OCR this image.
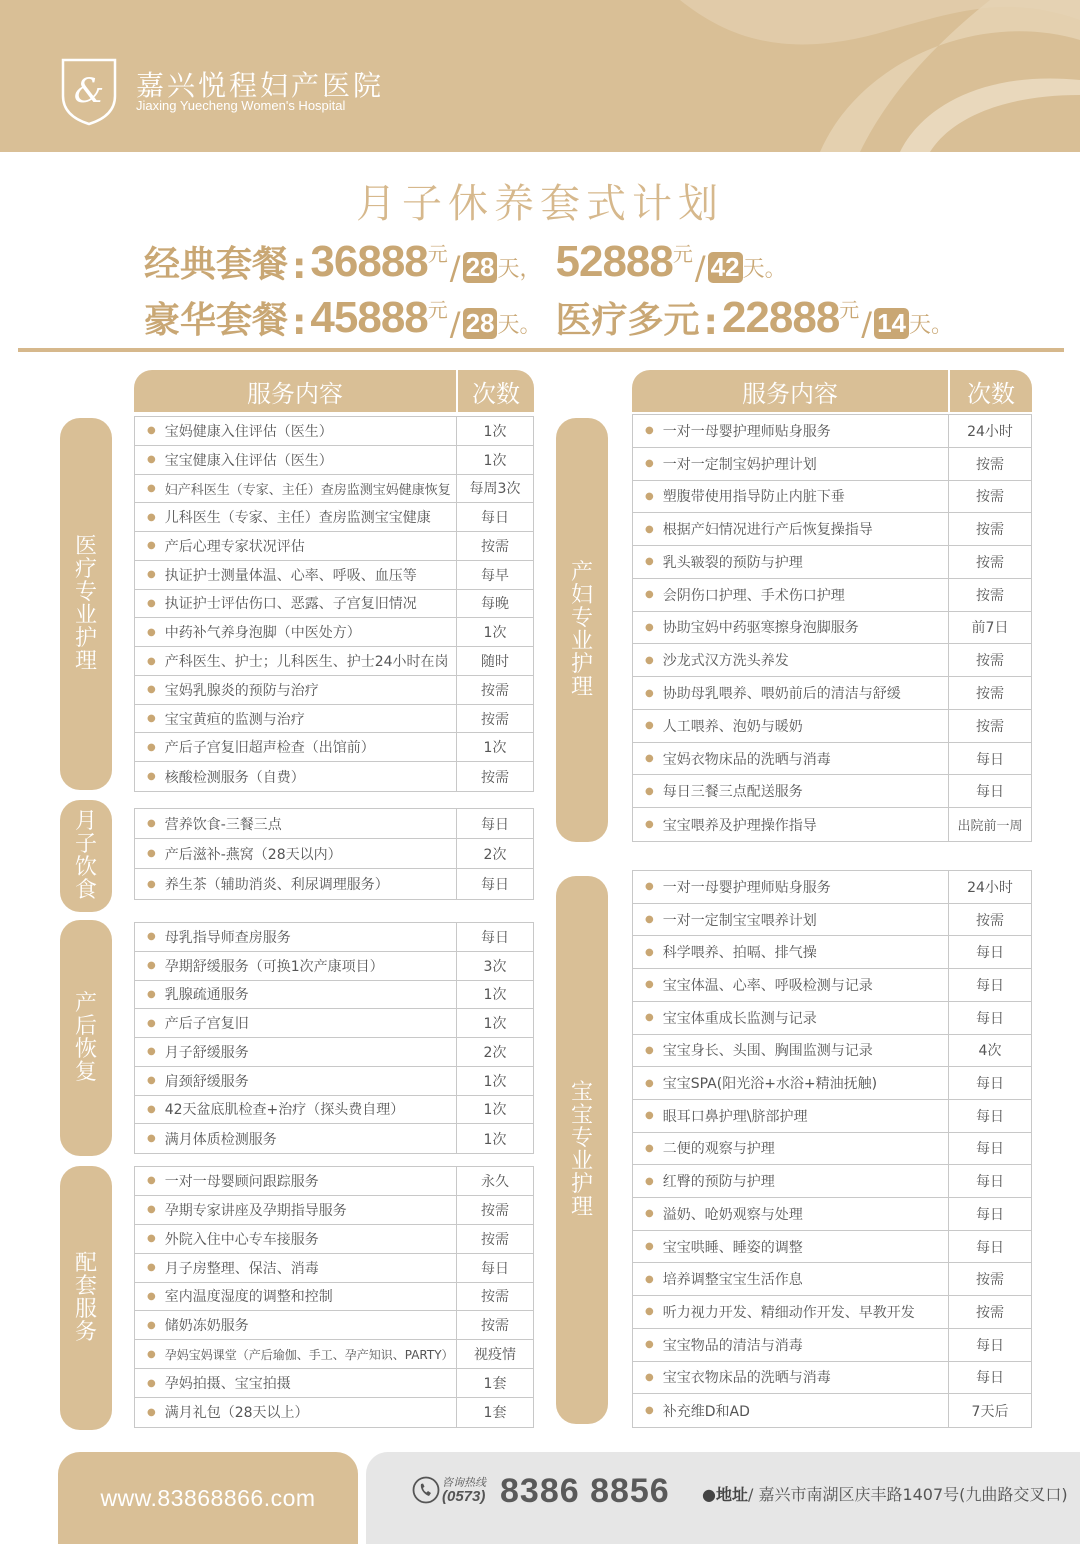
& 嘉兴悦程妇产医院
Jiaxing Yuecheng Women's Hospital
月子休养套式计划
经典套餐 : 36888 元 / 28 天 ， 52888 元 / 42 天 。
豪华套餐 : 45888 元 / 28 天 。 医疗多元 : 22888 元 / 14 天 。
服务内容	次数	服务内容	次数
医疗专业护理
月子饮食
产后恢复
配套服务
产妇专业护理
宝宝专业护理
● 宝妈健康入住评估（医生）	1次
● 宝宝健康入住评估（医生）	1次
● 妇产科医生（专家、主任）查房监测宝妈健康恢复	每周3次
● 儿科医生（专家、主任）查房监测宝宝健康	每日
● 产后心理专家状况评估	按需
● 执证护士测量体温、心率、呼吸、血压等	每早
● 执证护士评估伤口、恶露、子宫复旧情况	每晚
● 中药补气养身泡脚（中医处方）	1次
● 产科医生、护士；儿科医生、护士24小时在岗	随时
● 宝妈乳腺炎的预防与治疗	按需
● 宝宝黄疸的监测与治疗	按需
● 产后子宫复旧超声检查（出馆前）	1次
● 核酸检测服务（自费）	按需
● 营养饮食-三餐三点	每日
● 产后滋补-燕窝（28天以内）	2次
● 养生茶（辅助消炎、利尿调理服务）	每日
● 母乳指导师查房服务	每日
● 孕期舒缓服务（可换1次产康项目）	3次
● 乳腺疏通服务	1次
● 产后子宫复旧	1次
● 月子舒缓服务	2次
● 肩颈舒缓服务	1次
● 42天盆底肌检查+治疗（探头费自理）	1次
● 满月体质检测服务	1次
● 一对一母婴顾问跟踪服务	永久
● 孕期专家讲座及孕期指导服务	按需
● 外院入住中心专车接服务	按需
● 月子房整理、保洁、消毒	每日
● 室内温度湿度的调整和控制	按需
● 储奶冻奶服务	按需
● 孕妈宝妈课堂（产后瑜伽、手工、孕产知识、PARTY）	视疫情
● 孕妈拍摄、宝宝拍摄	1套
● 满月礼包（28天以上）	1套
● 一对一母婴护理师贴身服务	24小时
● 一对一定制宝妈护理计划	按需
● 塑腹带使用指导防止内脏下垂	按需
● 根据产妇情况进行产后恢复操指导	按需
● 乳头皲裂的预防与护理	按需
● 会阴伤口护理、手术伤口护理	按需
● 协助宝妈中药驱寒擦身泡脚服务	前7日
● 沙龙式汉方洗头养发	按需
● 协助母乳喂养、喂奶前后的清洁与舒缓	按需
● 人工喂养、泡奶与暖奶	按需
● 宝妈衣物床品的洗晒与消毒	每日
● 每日三餐三点配送服务	每日
● 宝宝喂养及护理操作指导	出院前一周
● 一对一母婴护理师贴身服务	24小时
● 一对一定制宝宝喂养计划	按需
● 科学喂养、拍嗝、排气操	每日
● 宝宝体温、心率、呼吸检测与记录	每日
● 宝宝体重成长监测与记录	每日
● 宝宝身长、头围、胸围监测与记录	4次
● 宝宝SPA(阳光浴+水浴+精油抚触)	每日
● 眼耳口鼻护理\脐部护理	每日
● 二便的观察与护理	每日
● 红臀的预防与护理	每日
● 溢奶、呛奶观察与处理	每日
● 宝宝哄睡、睡姿的调整	每日
● 培养调整宝宝生活作息	按需
● 听力视力开发、精细动作开发、早教开发	按需
● 宝宝物品的清洁与消毒	每日
● 宝宝衣物床品的洗晒与消毒	每日
● 补充维D和AD	7天后
www.83868866.com
咨询热线
(0573) 8386 8856 ●地址/ 嘉兴市南湖区庆丰路1407号(九曲路交叉口)
